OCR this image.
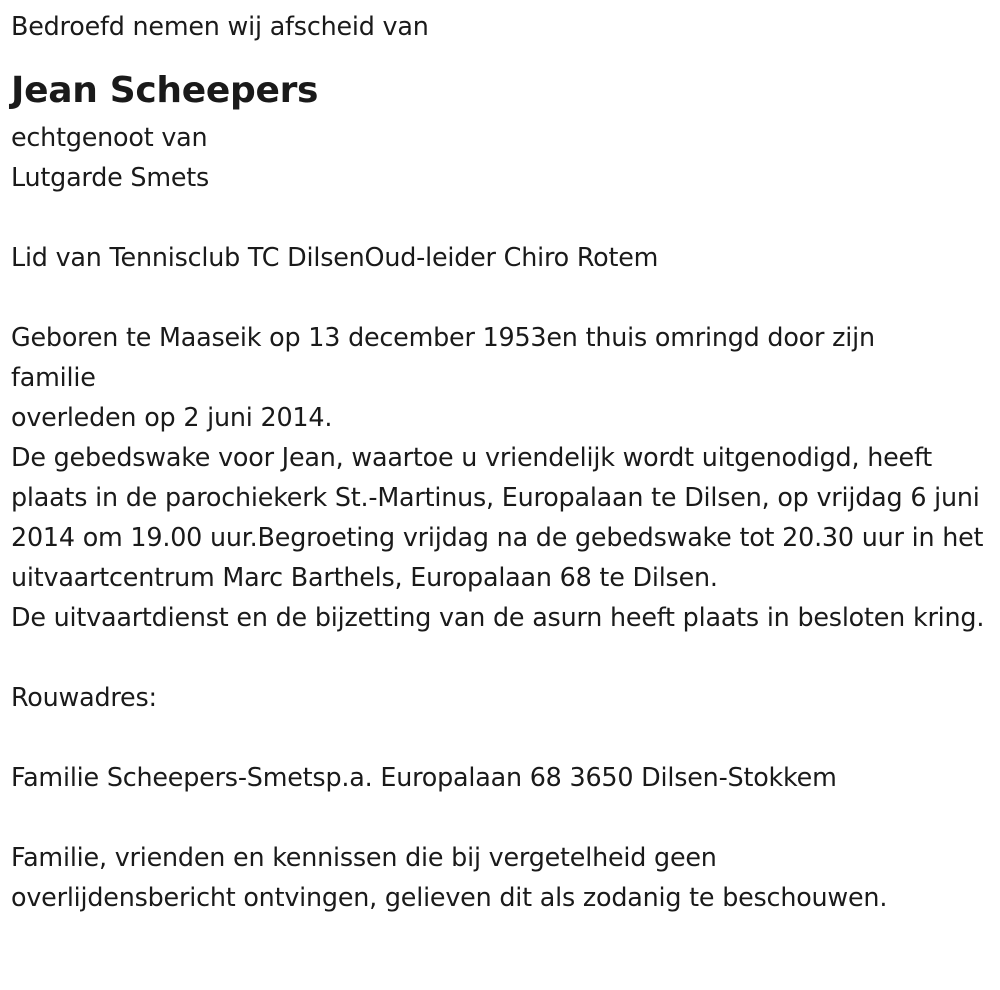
Bedroefd nemen wij afscheid van
Jean Scheepers
echtgenoot van
Lutgarde Smets
Lid van Tennisclub TC DilsenOud-leider Chiro Rotem
Geboren te Maaseik op 13 december 1953en thuis omringd door zijn
familie
overleden op 2 juni 2014.
De gebedswake voor Jean, waartoe u vriendelijk wordt uitgenodigd, heeft plaats in de parochiekerk St.-Martinus, Europalaan te Dilsen, op vrijdag 6 juni 2014 om 19.00 uur.Begroeting vrijdag na de gebedswake tot 20.30 uur in het uitvaartcentrum Marc Barthels, Europalaan 68 te Dilsen.
De uitvaartdienst en de bijzetting van de asurn heeft plaats in besloten kring.
Rouwadres:
Familie Scheepers-Smetsp.a. Europalaan 68 3650 Dilsen-Stokkem
Familie, vrienden en kennissen die bij vergetelheid geen
overlijdensbericht ontvingen, gelieven dit als zodanig te beschouwen.
